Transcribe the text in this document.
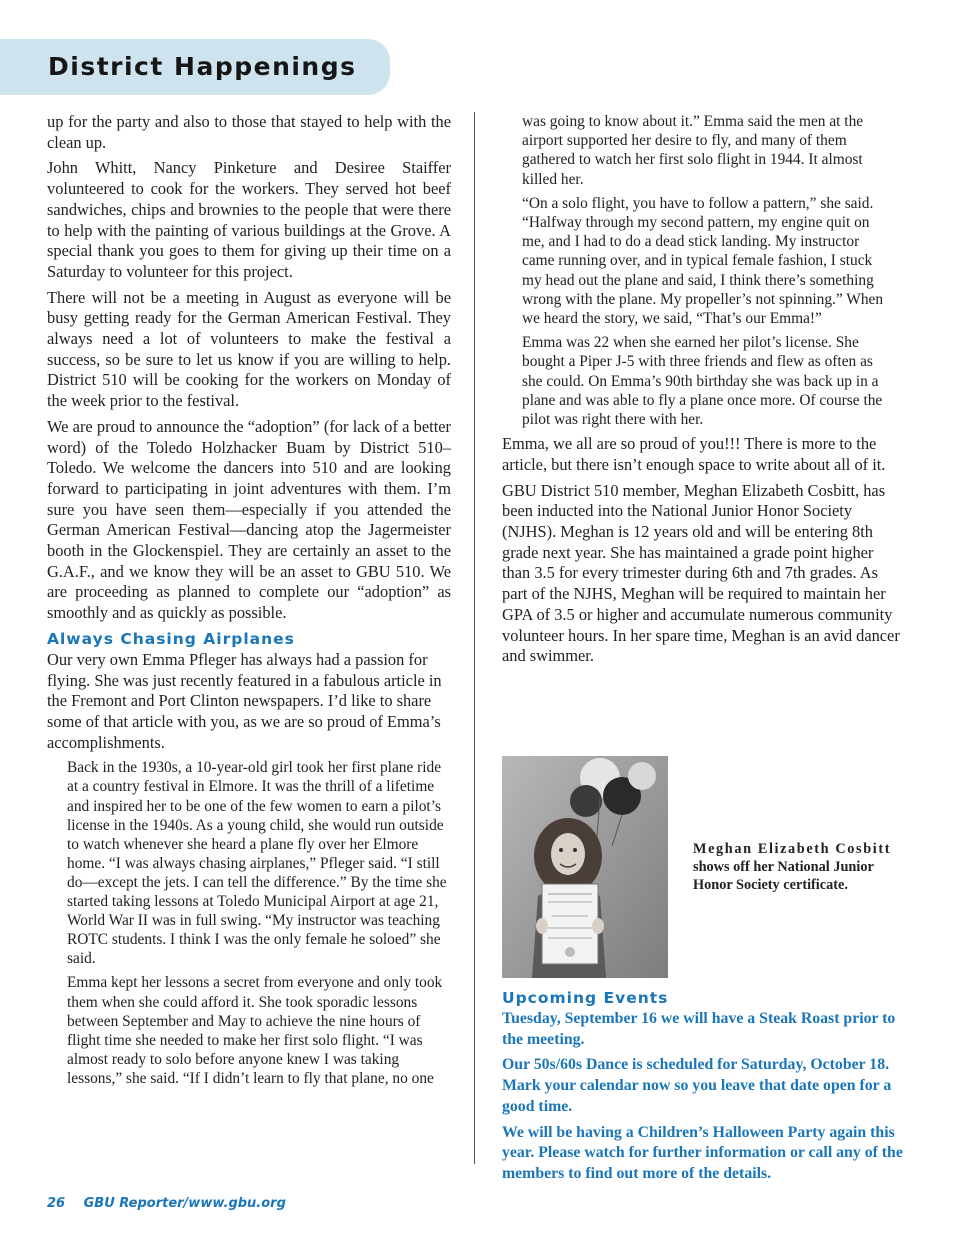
District Happenings

up for the party and also to those that stayed to help with the clean up.

John Whitt, Nancy Pinketure and Desiree Staiffer volunteered to cook for the workers. They served hot beef sandwiches, chips and brownies to the people that were there to help with the painting of various buildings at the Grove. A special thank you goes to them for giving up their time on a Saturday to volunteer for this project.

There will not be a meeting in August as everyone will be busy getting ready for the German American Festival. They always need a lot of volunteers to make the festival a success, so be sure to let us know if you are willing to help. District 510 will be cooking for the workers on Monday of the week prior to the festival.

We are proud to announce the “adoption” (for lack of a better word) of the Toledo Holzhacker Buam by District 510–Toledo. We welcome the dancers into 510 and are looking forward to participating in joint adventures with them. I’m sure you have seen them—especially if you attended the German American Festival—dancing atop the Jagermeister booth in the Glockenspiel. They are certainly an asset to the G.A.F., and we know they will be an asset to GBU 510. We are proceeding as planned to complete our “adoption” as smoothly and as quickly as possible.

Always Chasing Airplanes

Our very own Emma Pfleger has always had a passion for flying. She was just recently featured in a fabulous article in the Fremont and Port Clinton newspapers. I’d like to share some of that article with you, as we are so proud of Emma’s accomplishments.

Back in the 1930s, a 10-year-old girl took her first plane ride at a country festival in Elmore. It was the thrill of a lifetime and inspired her to be one of the few women to earn a pilot’s license in the 1940s. As a young child, she would run outside to watch whenever she heard a plane fly over her Elmore home. “I was always chasing airplanes,” Pfleger said. “I still do—except the jets. I can tell the difference.” By the time she started taking lessons at Toledo Municipal Airport at age 21, World War II was in full swing. “My instructor was teaching ROTC students. I think I was the only female he soloed” she said.

Emma kept her lessons a secret from everyone and only took them when she could afford it. She took sporadic lessons between September and May to achieve the nine hours of flight time she needed to make her first solo flight. “I was almost ready to solo before anyone knew I was taking lessons,” she said. “If I didn’t learn to fly that plane, no one

was going to know about it.” Emma said the men at the airport supported her desire to fly, and many of them gathered to watch her first solo flight in 1944. It almost killed her.

“On a solo flight, you have to follow a pattern,” she said. “Halfway through my second pattern, my engine quit on me, and I had to do a dead stick landing. My instructor came running over, and in typical female fashion, I stuck my head out the plane and said, I think there’s something wrong with the plane. My propeller’s not spinning.” When we heard the story, we said, “That’s our Emma!”

Emma was 22 when she earned her pilot’s license. She bought a Piper J-5 with three friends and flew as often as she could. On Emma’s 90th birthday she was back up in a plane and was able to fly a plane once more. Of course the pilot was right there with her.

Emma, we all are so proud of you!!! There is more to the article, but there isn’t enough space to write about all of it.

GBU District 510 member, Meghan Elizabeth Cosbitt, has been inducted into the National Junior Honor Society (NJHS). Meghan is 12 years old and will be entering 8th grade next year. She has maintained a grade point higher than 3.5 for every trimester during 6th and 7th grades. As part of the NJHS, Meghan will be required to maintain her GPA of 3.5 or higher and accumulate numerous community volunteer hours. In her spare time, Meghan is an avid dancer and swimmer.

Meghan Elizabeth Cosbitt
shows off her National Junior
Honor Society certificate.
Upcoming Events

Tuesday, September 16 we will have a Steak Roast prior to the meeting.

Our 50s/60s Dance is scheduled for Saturday, October 18. Mark your calendar now so you leave that date open for a good time.

We will be having a Children’s Halloween Party again this year. Please watch for further information or call any of the members to find out more of the details.

26 GBU Reporter/www.gbu.org
